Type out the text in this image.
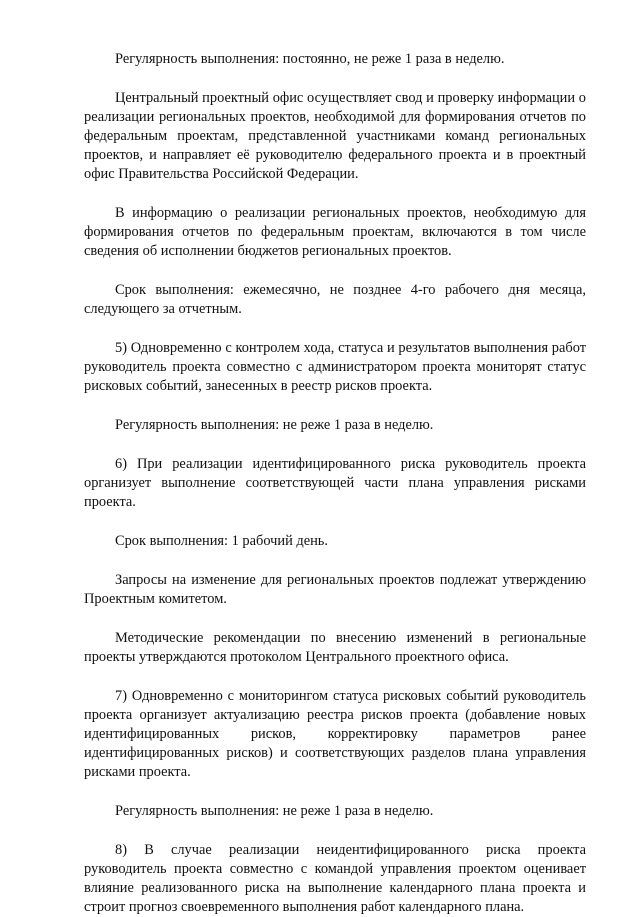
Регулярность выполнения: постоянно, не реже 1 раза в неделю.

Центральный проектный офис осуществляет свод и проверку информации о реализации региональных проектов, необходимой для формирования отчетов по федеральным проектам, представленной участниками команд региональных проектов, и направляет её руководителю федерального проекта и в проектный офис Правительства Российской Федерации.

В информацию о реализации региональных проектов, необходимую для формирования отчетов по федеральным проектам, включаются в том числе сведения об исполнении бюджетов региональных проектов.

Срок выполнения: ежемесячно, не позднее 4-го рабочего дня месяца, следующего за отчетным.

5) Одновременно с контролем хода, статуса и результатов выполнения работ руководитель проекта совместно с администратором проекта мониторят статус рисковых событий, занесенных в реестр рисков проекта.

Регулярность выполнения: не реже 1 раза в неделю.

6) При реализации идентифицированного риска руководитель проекта организует выполнение соответствующей части плана управления рисками проекта.

Срок выполнения: 1 рабочий день.

Запросы на изменение для региональных проектов подлежат утверждению Проектным комитетом.

Методические рекомендации по внесению изменений в региональные проекты утверждаются протоколом Центрального проектного офиса.

7) Одновременно с мониторингом статуса рисковых событий руководитель проекта организует актуализацию реестра рисков проекта (добавление новых идентифицированных рисков, корректировку параметров ранее идентифицированных рисков) и соответствующих разделов плана управления рисками проекта.

Регулярность выполнения: не реже 1 раза в неделю.

8) В случае реализации неидентифицированного риска проекта руководитель проекта совместно с командой управления проектом оценивает влияние реализованного риска на выполнение календарного плана проекта и строит прогноз своевременного выполнения работ календарного плана.
